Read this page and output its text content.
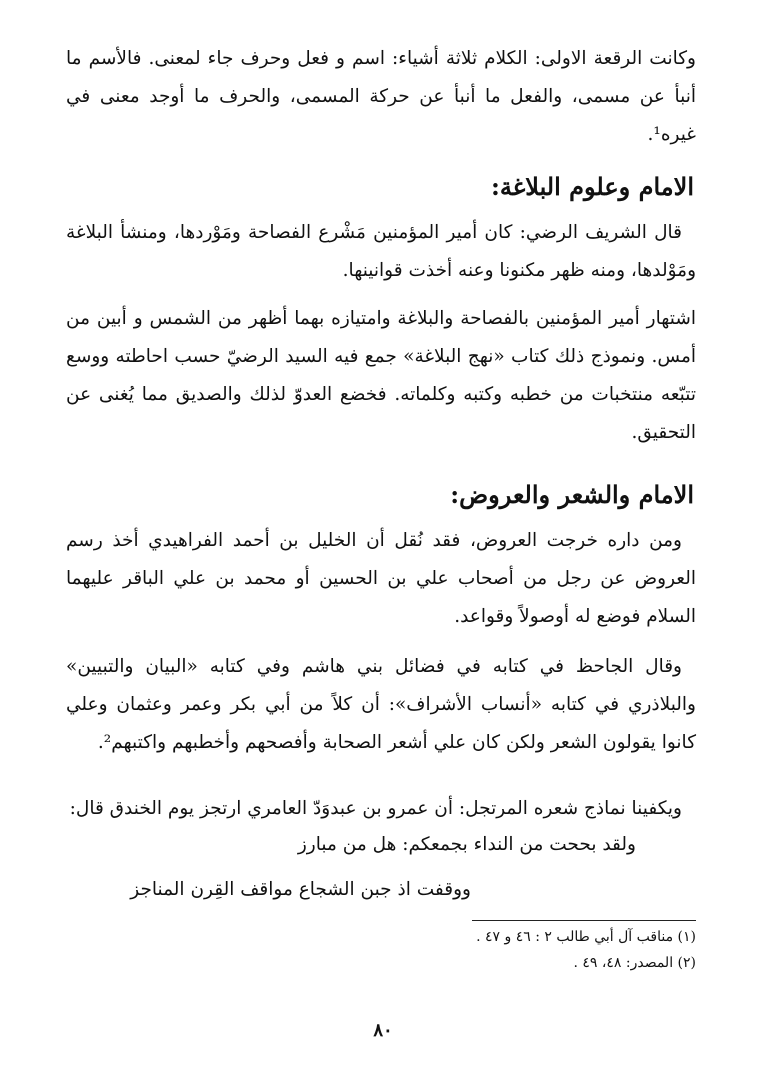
وكانت الرقعة الاولى: الكلام ثلاثة أشياء: اسم و فعل وحرف جاء لمعنى. فالأسم ما أنبأ عن مسمى، والفعل ما أنبأ عن حركة المسمى، والحرف ما أوجد معنى في غيره¹.

الامام وعلوم البلاغة:

قال الشريف الرضي: كان أمير المؤمنين مَشْرع الفصاحة ومَوْردها، ومنشأ البلاغة ومَوْلدها، ومنه ظهر مكنونا وعنه أخذت قوانينها.

اشتهار أمير المؤمنين بالفصاحة والبلاغة وامتيازه بهما أظهر من الشمس و أبين من أمس. ونموذج ذلك كتاب «نهج البلاغة» جمع فيه السيد الرضيّ حسب احاطته ووسع تتبّعه منتخبات من خطبه وكتبه وكلماته. فخضع العدوّ لذلك والصديق مما يُغنى عن التحقيق.

الامام والشعر والعروض:

ومن داره خرجت العروض، فقد نُقل أن الخليل بن أحمد الفراهيدي أخذ رسم العروض عن رجل من أصحاب علي بن الحسين أو محمد بن علي الباقر عليهما السلام فوضع له أوصولاً وقواعد.

وقال الجاحظ في كتابه في فضائل بني هاشم وفي كتابه «البيان والتبيين» والبلاذري في كتابه «أنساب الأشراف»: أن كلاً من أبي بكر وعمر وعثمان وعلي كانوا يقولون الشعر ولكن كان علي أشعر الصحابة وأفصحهم وأخطبهم واكتبهم².

ويكفينا نماذج شعره المرتجل: أن عمرو بن عبدوَدّ العامري ارتجز يوم الخندق قال:

ولقد بححت من النداء بجمعكم: هل من مبارز
ووقفت اذ جبن الشجاع مواقف القِرن المناجز
(١) مناقب آل أبي طالب ٢ : ٤٦ و ٤٧ .
(٢) المصدر: ٤٨، ٤٩ .
٨٠
